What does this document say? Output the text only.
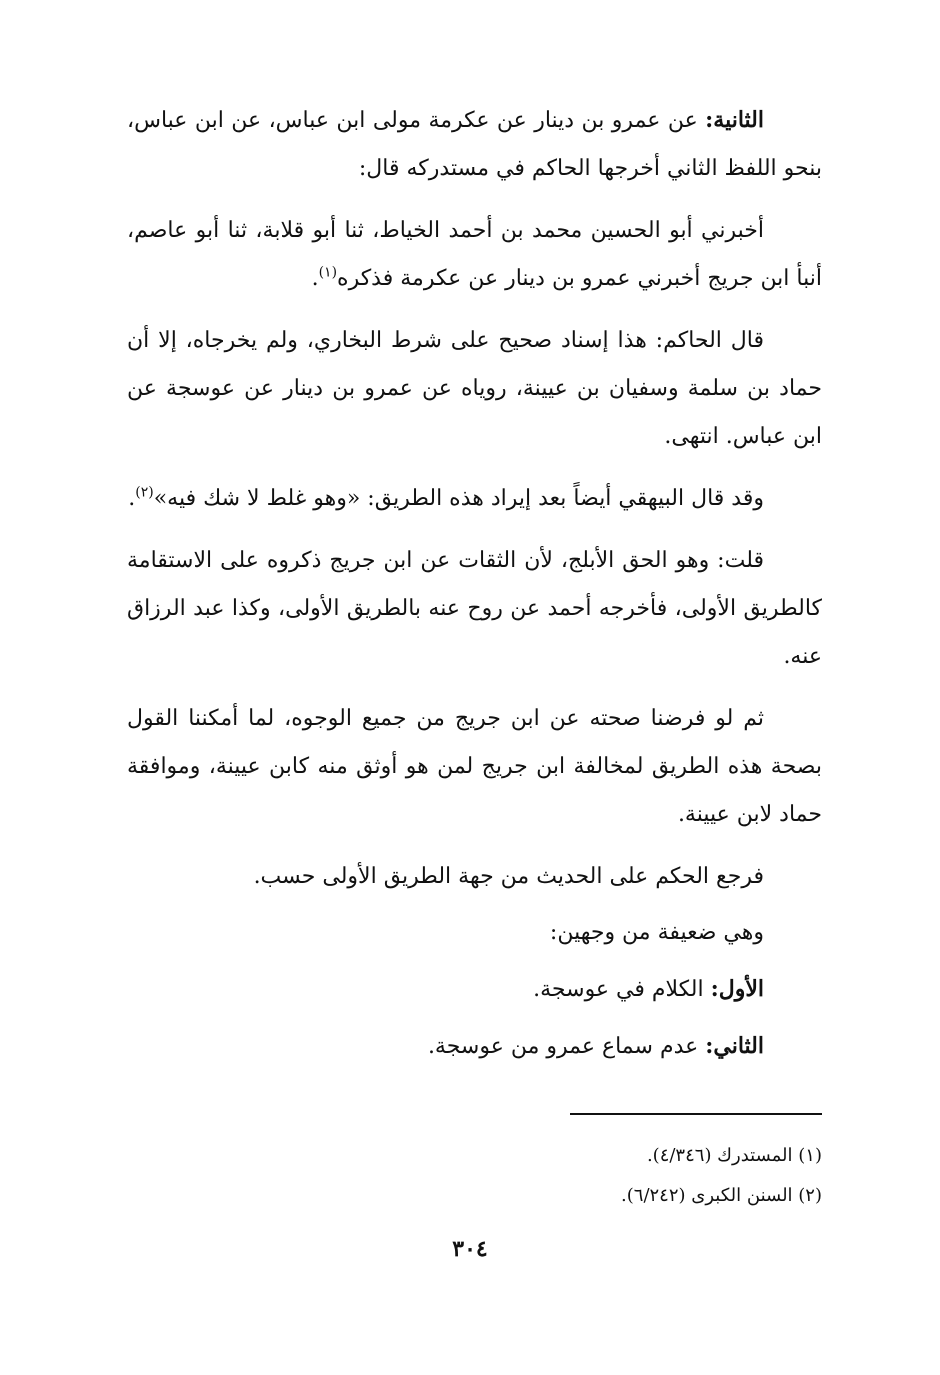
الثانية: عن عمرو بن دينار عن عكرمة مولى ابن عباس، عن ابن عباس، بنحو اللفظ الثاني أخرجها الحاكم في مستدركه قال:

أخبرني أبو الحسين محمد بن أحمد الخياط، ثنا أبو قلابة، ثنا أبو عاصم، أنبأ ابن جريج أخبرني عمرو بن دينار عن عكرمة فذكره$^{(١)}$.

قال الحاكم: هذا إسناد صحيح على شرط البخاري، ولم يخرجاه، إلا أن حماد بن سلمة وسفيان بن عيينة، روياه عن عمرو بن دينار عن عوسجة عن ابن عباس. انتهى.

وقد قال البيهقي أيضاً بعد إيراد هذه الطريق: «وهو غلط لا شك فيه»$^{(٢)}$.

قلت: وهو الحق الأبلج، لأن الثقات عن ابن جريج ذكروه على الاستقامة كالطريق الأولى، فأخرجه أحمد عن روح عنه بالطريق الأولى، وكذا عبد الرزاق عنه.

ثم لو فرضنا صحته عن ابن جريج من جميع الوجوه، لما أمكننا القول بصحة هذه الطريق لمخالفة ابن جريج لمن هو أوثق منه كابن عيينة، وموافقة حماد لابن عيينة.

فرجع الحكم على الحديث من جهة الطريق الأولى حسب.

وهي ضعيفة من وجهين:

الأول: الكلام في عوسجة.

الثاني: عدم سماع عمرو من عوسجة.

(١) المستدرك (٤/٣٤٦).

(٢) السنن الكبرى (٦/٢٤٢).

٣٠٤
